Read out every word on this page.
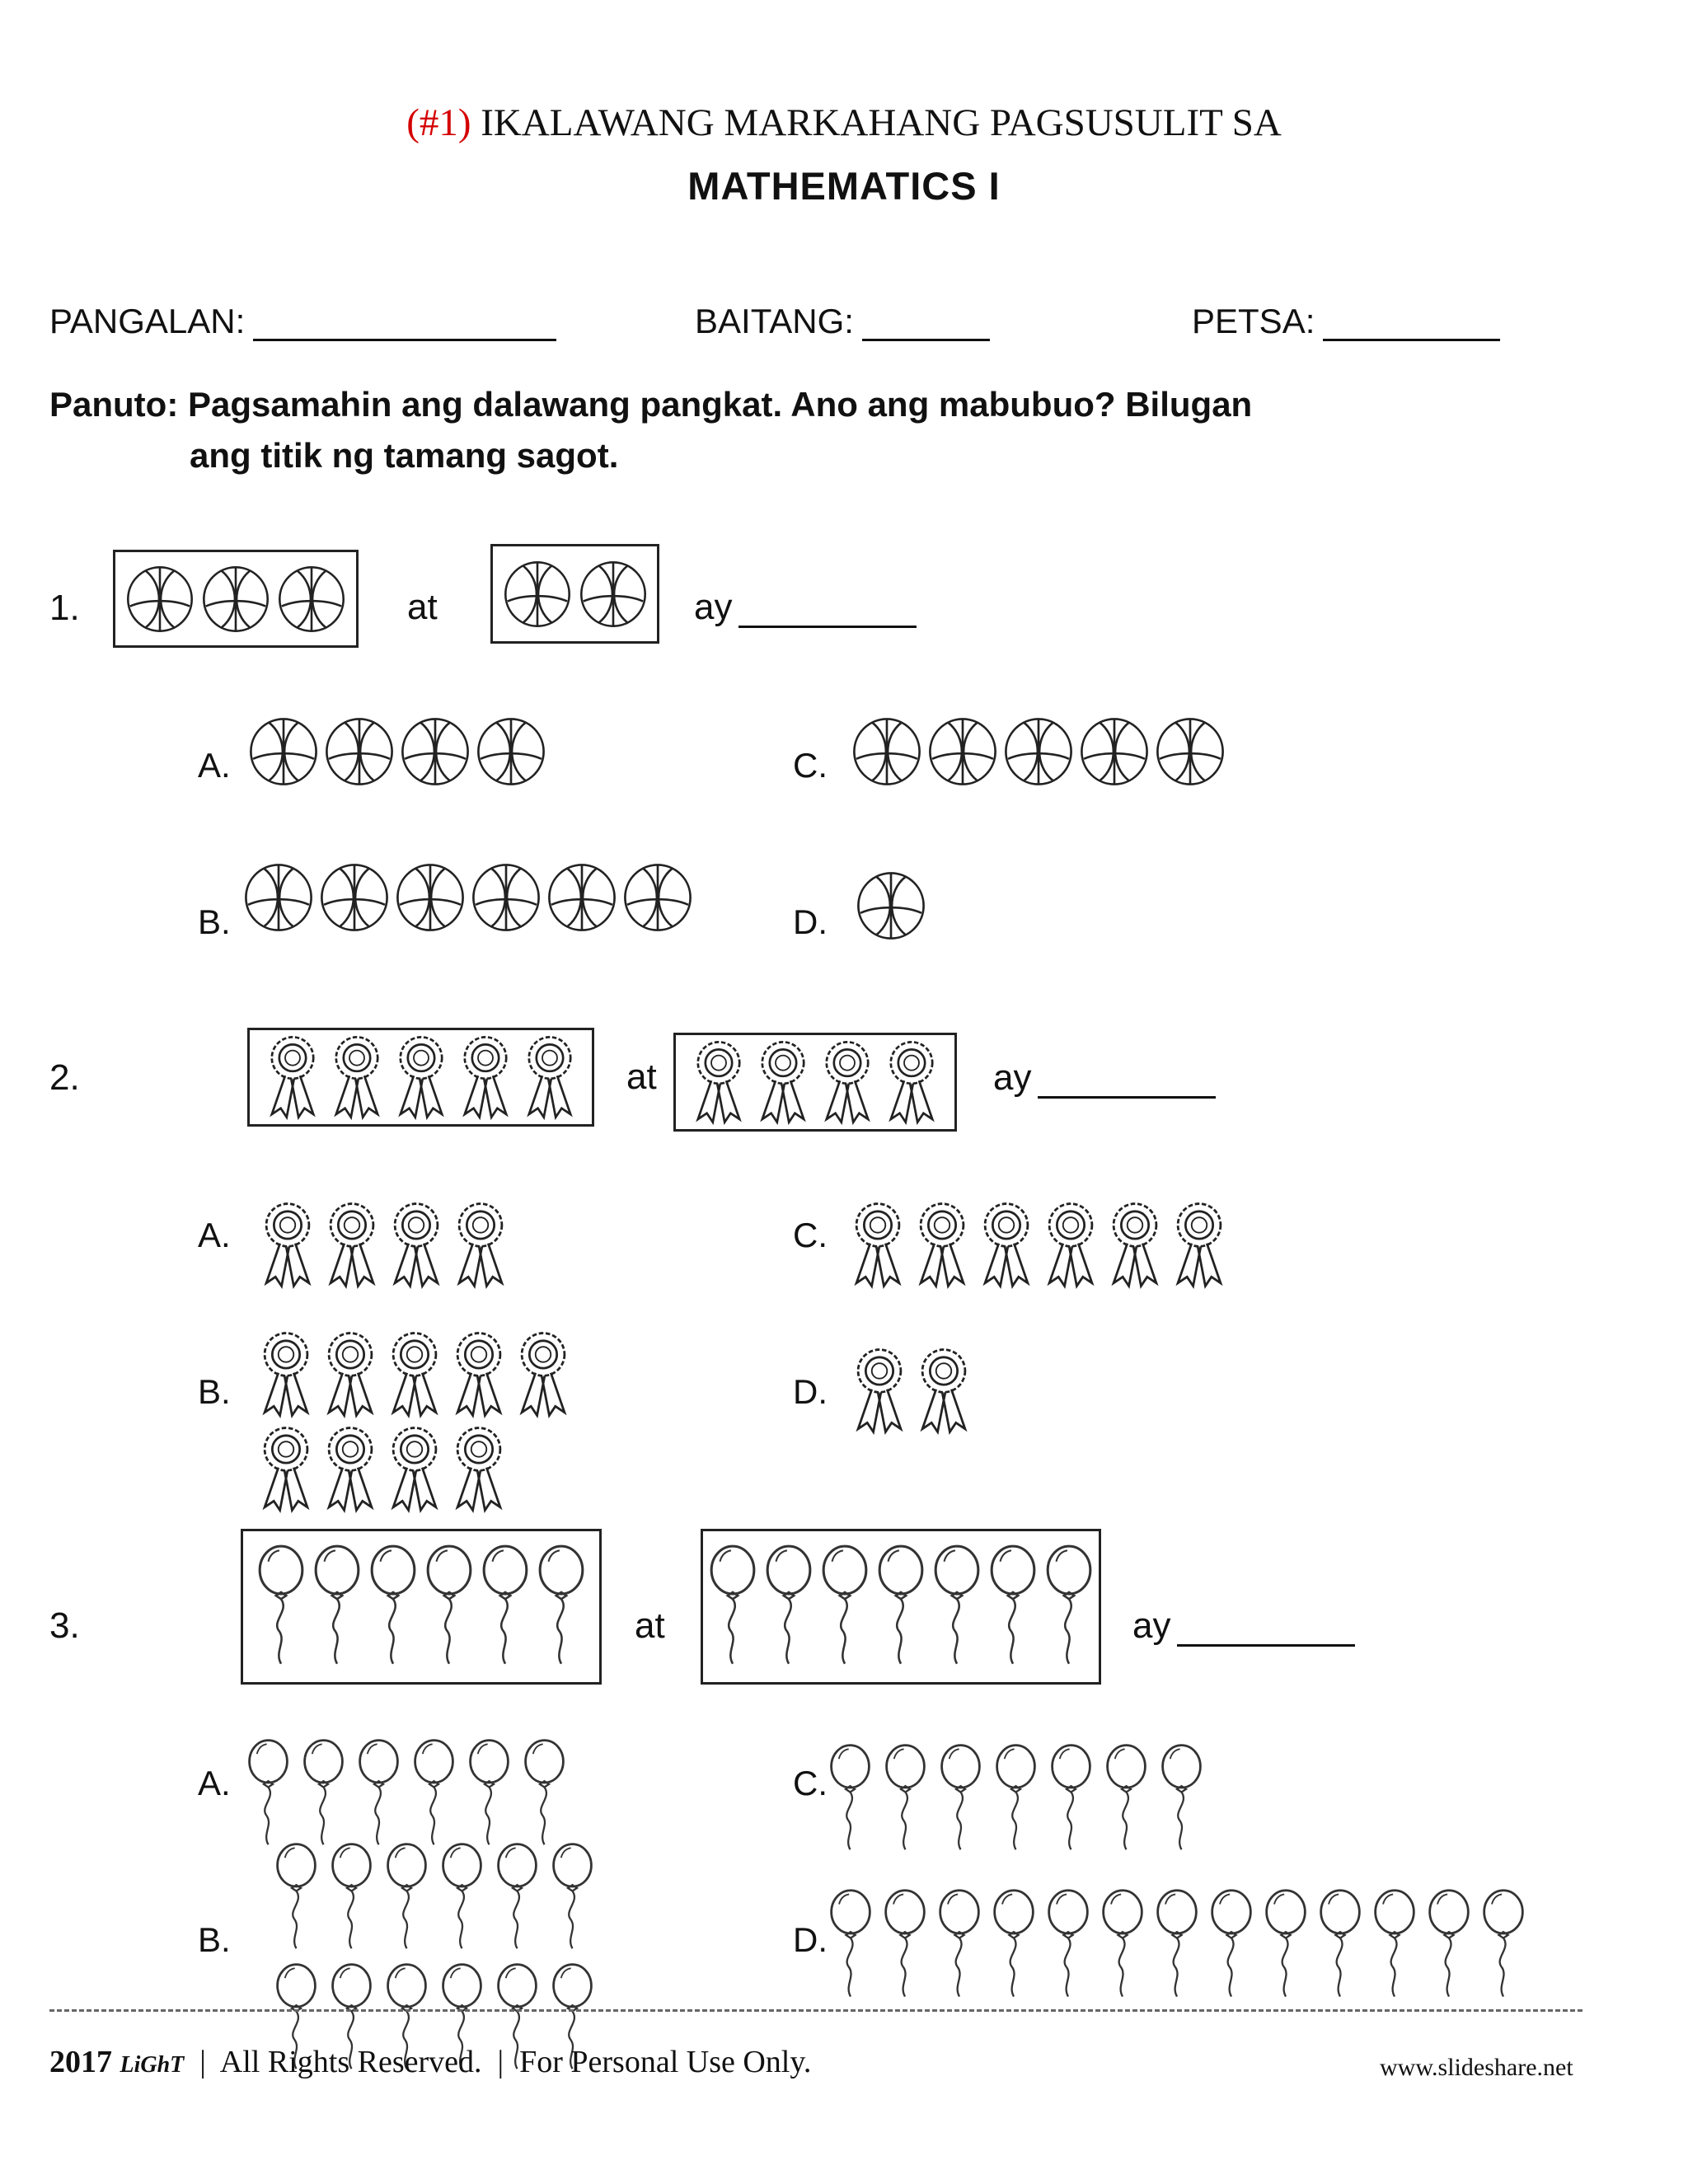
(#1) IKALAWANG MARKAHANG PAGSUSULIT SA
MATHEMATICS I
PANGALAN:	BAITANG:	PETSA:
Panuto: Pagsamahin ang dalawang pangkat. Ano ang mabubuo? Bilugan
ang titik ng tamang sagot.
1.	at	ay
A.
B.
C.
D.
2.	at	ay
A.
B.
C.
D.
3.	at	ay
A.
B.
C.
D.
2017 LiGhT | All Rights Reserved. | For Personal Use Only.	www.slideshare.net
